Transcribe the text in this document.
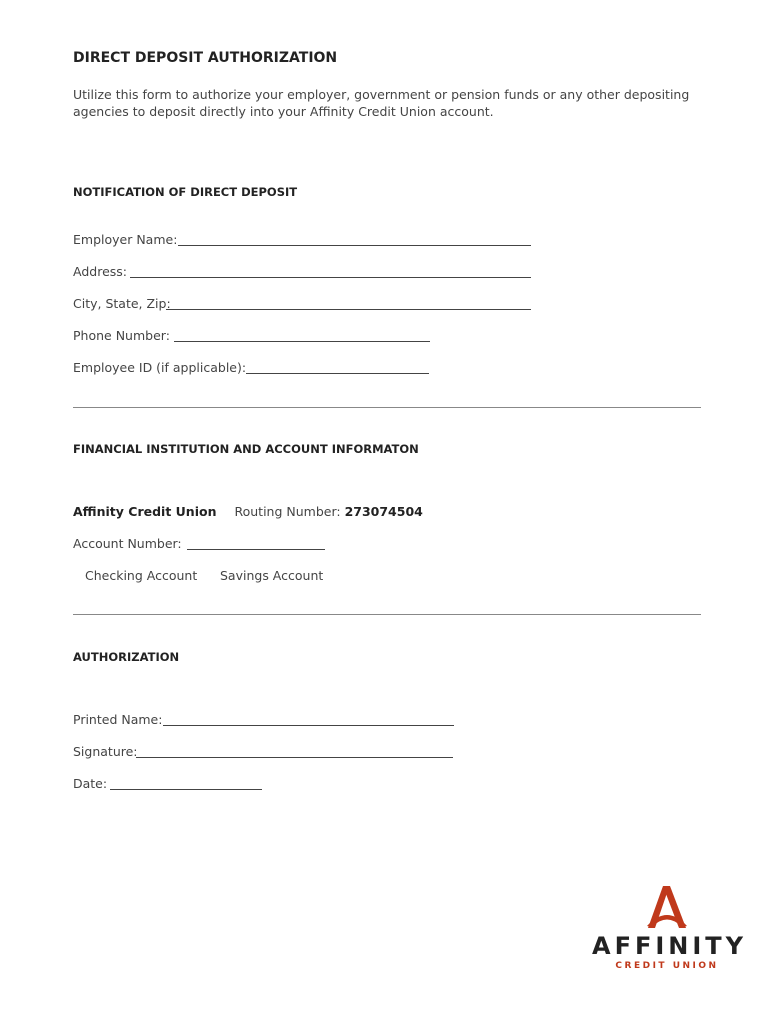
DIRECT DEPOSIT AUTHORIZATION
Utilize this form to authorize your employer, government or pension funds or any other depositing agencies to deposit directly into your Affinity Credit Union account.
NOTIFICATION OF DIRECT DEPOSIT
Employer Name:
Address:
City, State, Zip:
Phone Number:
Employee ID (if applicable):
FINANCIAL INSTITUTION AND ACCOUNT INFORMATON
Affinity Credit Union Routing Number: 273074504
Account Number:
Checking Account Savings Account
AUTHORIZATION
Printed Name:
Signature:
Date:
AFFINITY
CREDIT UNION
